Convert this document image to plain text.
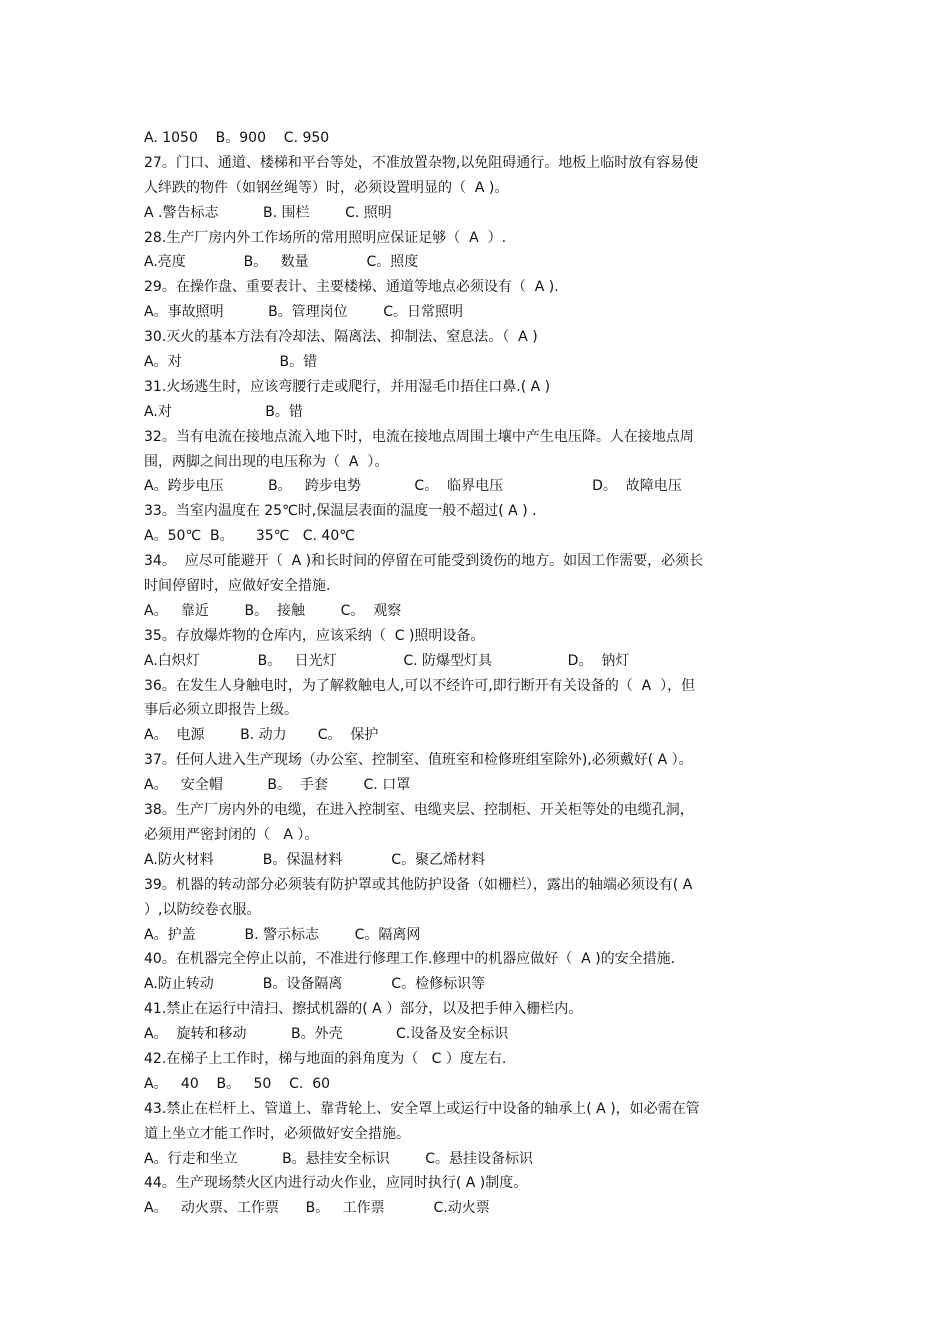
A. 1050    B。900    C. 950
27。门口、通道、楼梯和平台等处，不准放置杂物,以免阻碍通行。地板上临时放有容易使
人绊跌的物件（如钢丝绳等）时，必须设置明显的（  A )。
A .警告标志          B. 围栏        C. 照明
28.生产厂房内外工作场所的常用照明应保证足够（  A  ）.
A.亮度             B。   数量             C。照度
29。在操作盘、重要表计、主要楼梯、通道等地点必须设有（  A ).
A。事故照明          B。管理岗位        C。日常照明
30.灭火的基本方法有冷却法、隔离法、抑制法、窒息法。（  A )
A。对                      B。错
31.火场逃生时，应该弯腰行走或爬行，并用湿毛巾捂住口鼻.( A )
A.对                     B。错
32。当有电流在接地点流入地下时，电流在接地点周围土壤中产生电压降。人在接地点周
围，两脚之间出现的电压称为（  A  ）。
A。跨步电压          B。   跨步电势            C。  临界电压                    D。  故障电压
33。当室内温度在 25℃时,保温层表面的温度一般不超过( A ) .
A。50℃  B。     35℃   C. 40℃
34。  应尽可能避开（  A )和长时间的停留在可能受到烫伤的地方。如因工作需要，必须长
时间停留时，应做好安全措施.
A。   靠近        B。  接触        C。  观察
35。存放爆炸物的仓库内，应该采纳（  C )照明设备。
A.白炽灯             B。   日光灯               C. 防爆型灯具                 D。  钠灯
36。在发生人身触电时，为了解救触电人,可以不经许可,即行断开有关设备的（  A  ），但
事后必须立即报告上级。
A。  电源        B. 动力       C。  保护
37。任何人进入生产现场（办公室、控制室、值班室和检修班组室除外),必须戴好( A ）。
A。   安全帽          B。  手套        C. 口罩
38。生产厂房内外的电缆，在进入控制室、电缆夹层、控制柜、开关柜等处的电缆孔洞，
必须用严密封闭的（   A ）。
A.防火材料           B。保温材料           C。聚乙烯材料
39。机器的转动部分必须装有防护罩或其他防护设备（如栅栏），露出的轴端必须设有( A
）,以防绞卷衣服。
A。护盖           B. 警示标志        C。隔离网
40。在机器完全停止以前，不准进行修理工作.修理中的机器应做好（  A )的安全措施.
A.防止转动           B。设备隔离           C。检修标识等
41.禁止在运行中清扫、擦拭机器的( A ）部分，以及把手伸入栅栏内。
A。  旋转和移动          B。外壳            C.设备及安全标识
42.在梯子上工作时，梯与地面的斜角度为（   C ）度左右.
A。   40    B。   50    C.  60
43.禁止在栏杆上、管道上、靠背轮上、安全罩上或运行中设备的轴承上( A )，如必需在管
道上坐立才能工作时，必须做好安全措施。
A。行走和坐立          B。悬挂安全标识        C。悬挂设备标识
44。生产现场禁火区内进行动火作业，应同时执行( A )制度。
A。   动火票、工作票      B。   工作票           C.动火票
